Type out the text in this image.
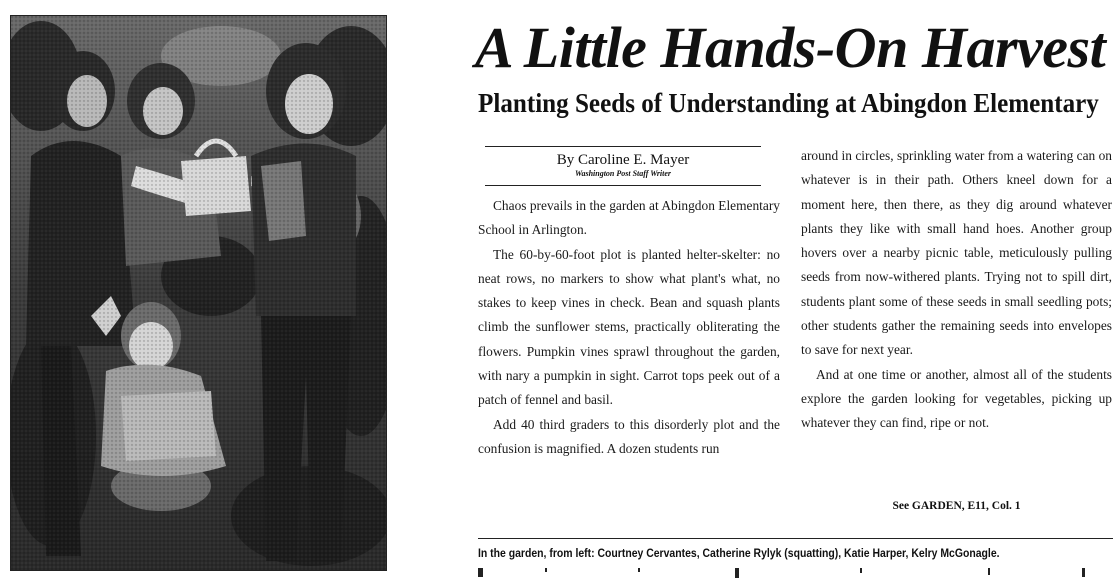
A Little Hands-On Harvest
Planting Seeds of Understanding at Abingdon Elementary
By Caroline E. Mayer
Washington Post Staff Writer

Chaos prevails in the garden at Abingdon Elementary School in Arlington.

The 60-by-60-foot plot is planted helter-skelter: no neat rows, no markers to show what plant's what, no stakes to keep vines in check. Bean and squash plants climb the sunflower stems, practically obliterating the flowers. Pumpkin vines sprawl throughout the garden, with nary a pumpkin in sight. Carrot tops peek out of a patch of fennel and basil.

Add 40 third graders to this disorderly plot and the confusion is magnified. A dozen students run

around in circles, sprinkling water from a watering can on whatever is in their path. Others kneel down for a moment here, then there, as they dig around whatever plants they like with small hand hoes. Another group hovers over a nearby picnic table, meticulously pulling seeds from now-withered plants. Trying not to spill dirt, students plant some of these seeds in small seedling pots; other students gather the remaining seeds into envelopes to save for next year.

And at one time or another, almost all of the students explore the garden looking for vegetables, picking up whatever they can find, ripe or not.

See GARDEN, E11, Col. 1
In the garden, from left: Courtney Cervantes, Catherine Rylyk (squatting), Katie Harper, Kelry McGonagle.
